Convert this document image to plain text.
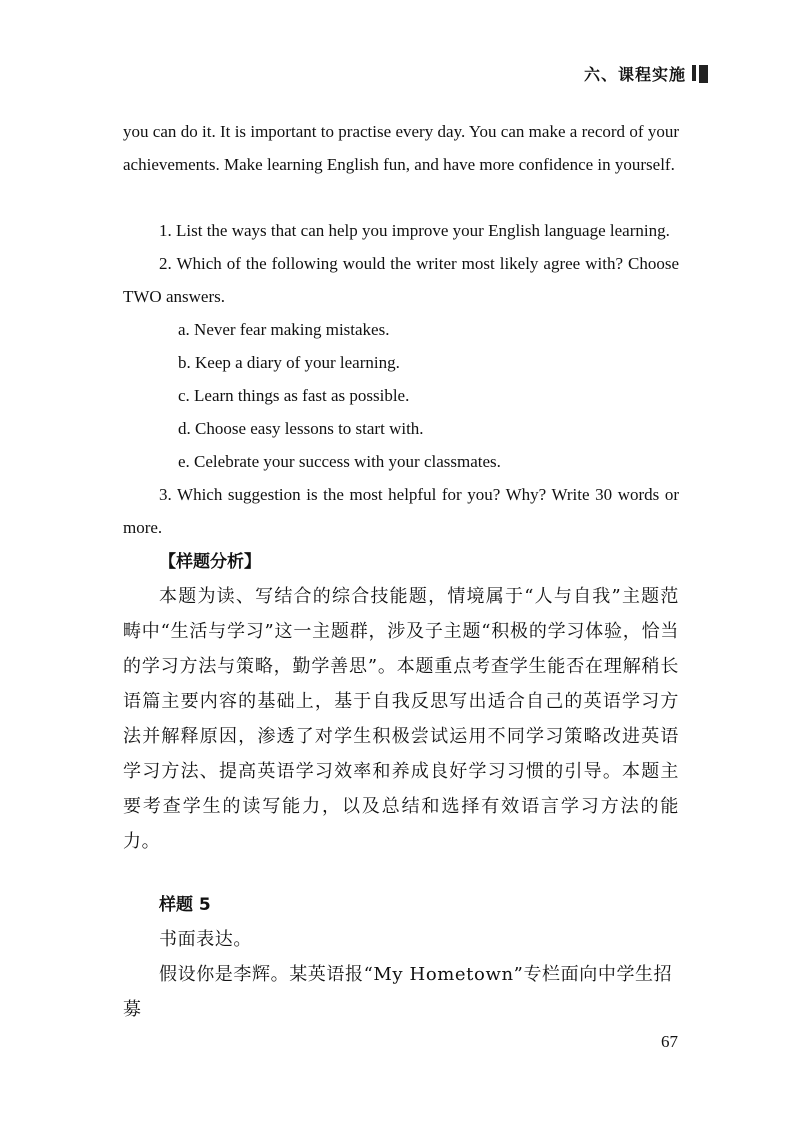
六、课程实施

you can do it. It is important to practise every day. You can make a record of your achievements. Make learning English fun, and have more confidence in yourself.

1. List the ways that can help you improve your English language learning.

2. Which of the following would the writer most likely agree with? Choose TWO answers.

a. Never fear making mistakes.

b. Keep a diary of your learning.

c. Learn things as fast as possible.

d. Choose easy lessons to start with.

e. Celebrate your success with your classmates.

3. Which suggestion is the most helpful for you? Why? Write 30 words or more.

【样题分析】

本题为读、写结合的综合技能题，情境属于“人与自我”主题范畴中“生活与学习”这一主题群，涉及子主题“积极的学习体验，恰当的学习方法与策略，勤学善思”。本题重点考查学生能否在理解稍长语篇主要内容的基础上，基于自我反思写出适合自己的英语学习方法并解释原因，渗透了对学生积极尝试运用不同学习策略改进英语学习方法、提高英语学习效率和养成良好学习习惯的引导。本题主要考查学生的读写能力，以及总结和选择有效语言学习方法的能力。

样题 5

书面表达。

假设你是李辉。某英语报“My Hometown”专栏面向中学生招募

67
